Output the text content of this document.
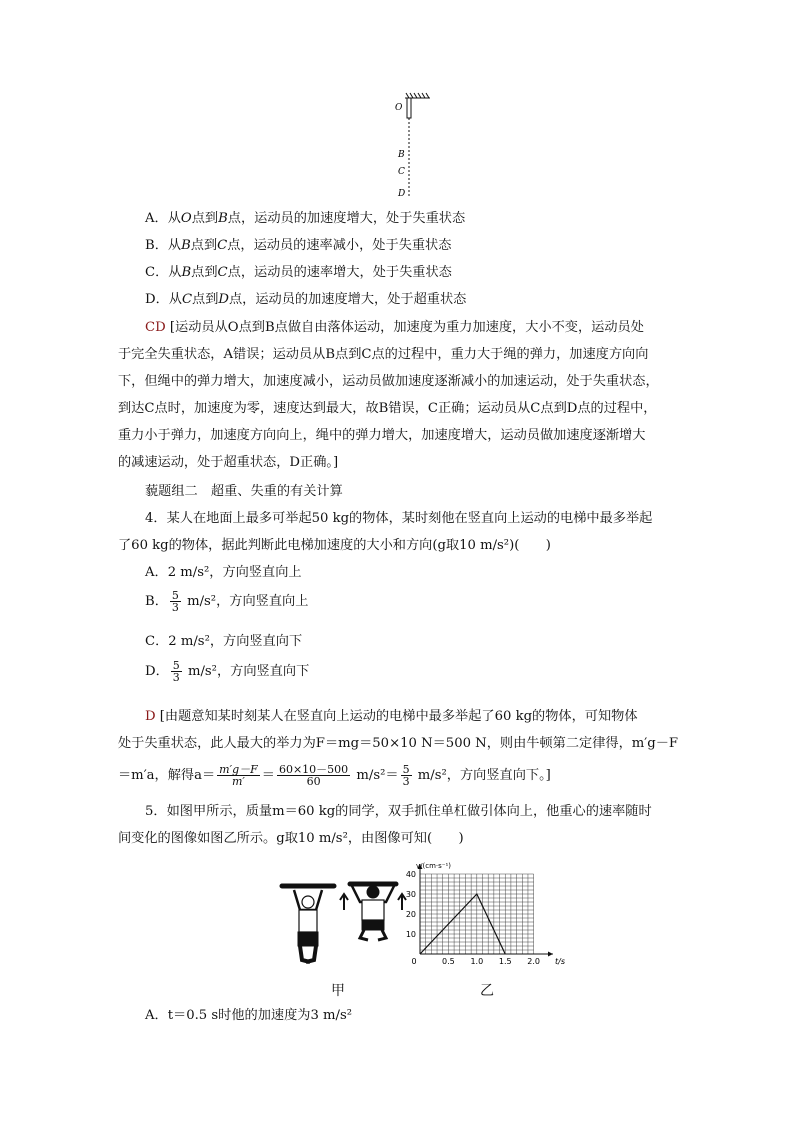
O
B
C
D
A．从O点到B点，运动员的加速度增大，处于失重状态
B．从B点到C点，运动员的速率减小，处于失重状态
C．从B点到C点，运动员的速率增大，处于失重状态
D．从C点到D点，运动员的加速度增大，处于超重状态
CD [运动员从O点到B点做自由落体运动，加速度为重力加速度，大小不变，运动员处
于完全失重状态，A错误；运动员从B点到C点的过程中，重力大于绳的弹力，加速度方向向
下，但绳中的弹力增大，加速度减小，运动员做加速度逐渐减小的加速运动，处于失重状态，
到达C点时，加速度为零，速度达到最大，故B错误，C正确；运动员从C点到D点的过程中，
重力小于弹力，加速度方向向上，绳中的弹力增大，加速度增大，运动员做加速度逐渐增大
的减速运动，处于超重状态，D正确。]
藐题组二　超重、失重的有关计算
4．某人在地面上最多可举起50 kg的物体，某时刻他在竖直向上运动的电梯中最多举起
了60 kg的物体，据此判断此电梯加速度的大小和方向(g取10 m/s²)(　　)
A．2 m/s²，方向竖直向上
B． $\frac{5}{3} m/s^2$，方向竖直向上
C．2 m/s²，方向竖直向下
D． $\frac{5}{3} m/s^2$，方向竖直向下
D [由题意知某时刻某人在竖直向上运动的电梯中最多举起了60 kg的物体，可知物体
处于失重状态，此人最大的举力为F＝mg＝50×10 N＝500 N，则由牛顿第二定律得，m′g－F
＝m′a，解得$a= \frac{m'g-F}{m'} = \frac{60\times 10-500}{60} m/s^2= \frac{5}{3} m/s^2$，方向竖直向下。]
5．如图甲所示，质量m＝60 kg的同学，双手抓住单杠做引体向上，他重心的速率随时
间变化的图像如图乙所示。g取10 m/s²，由图像可知(　　)
10
20
30
40
0	0.5 1.0 1.5 2.0 t/s
v/(cm·s⁻¹)
甲	乙
A．t＝0.5 s时他的加速度为3 m/s²
